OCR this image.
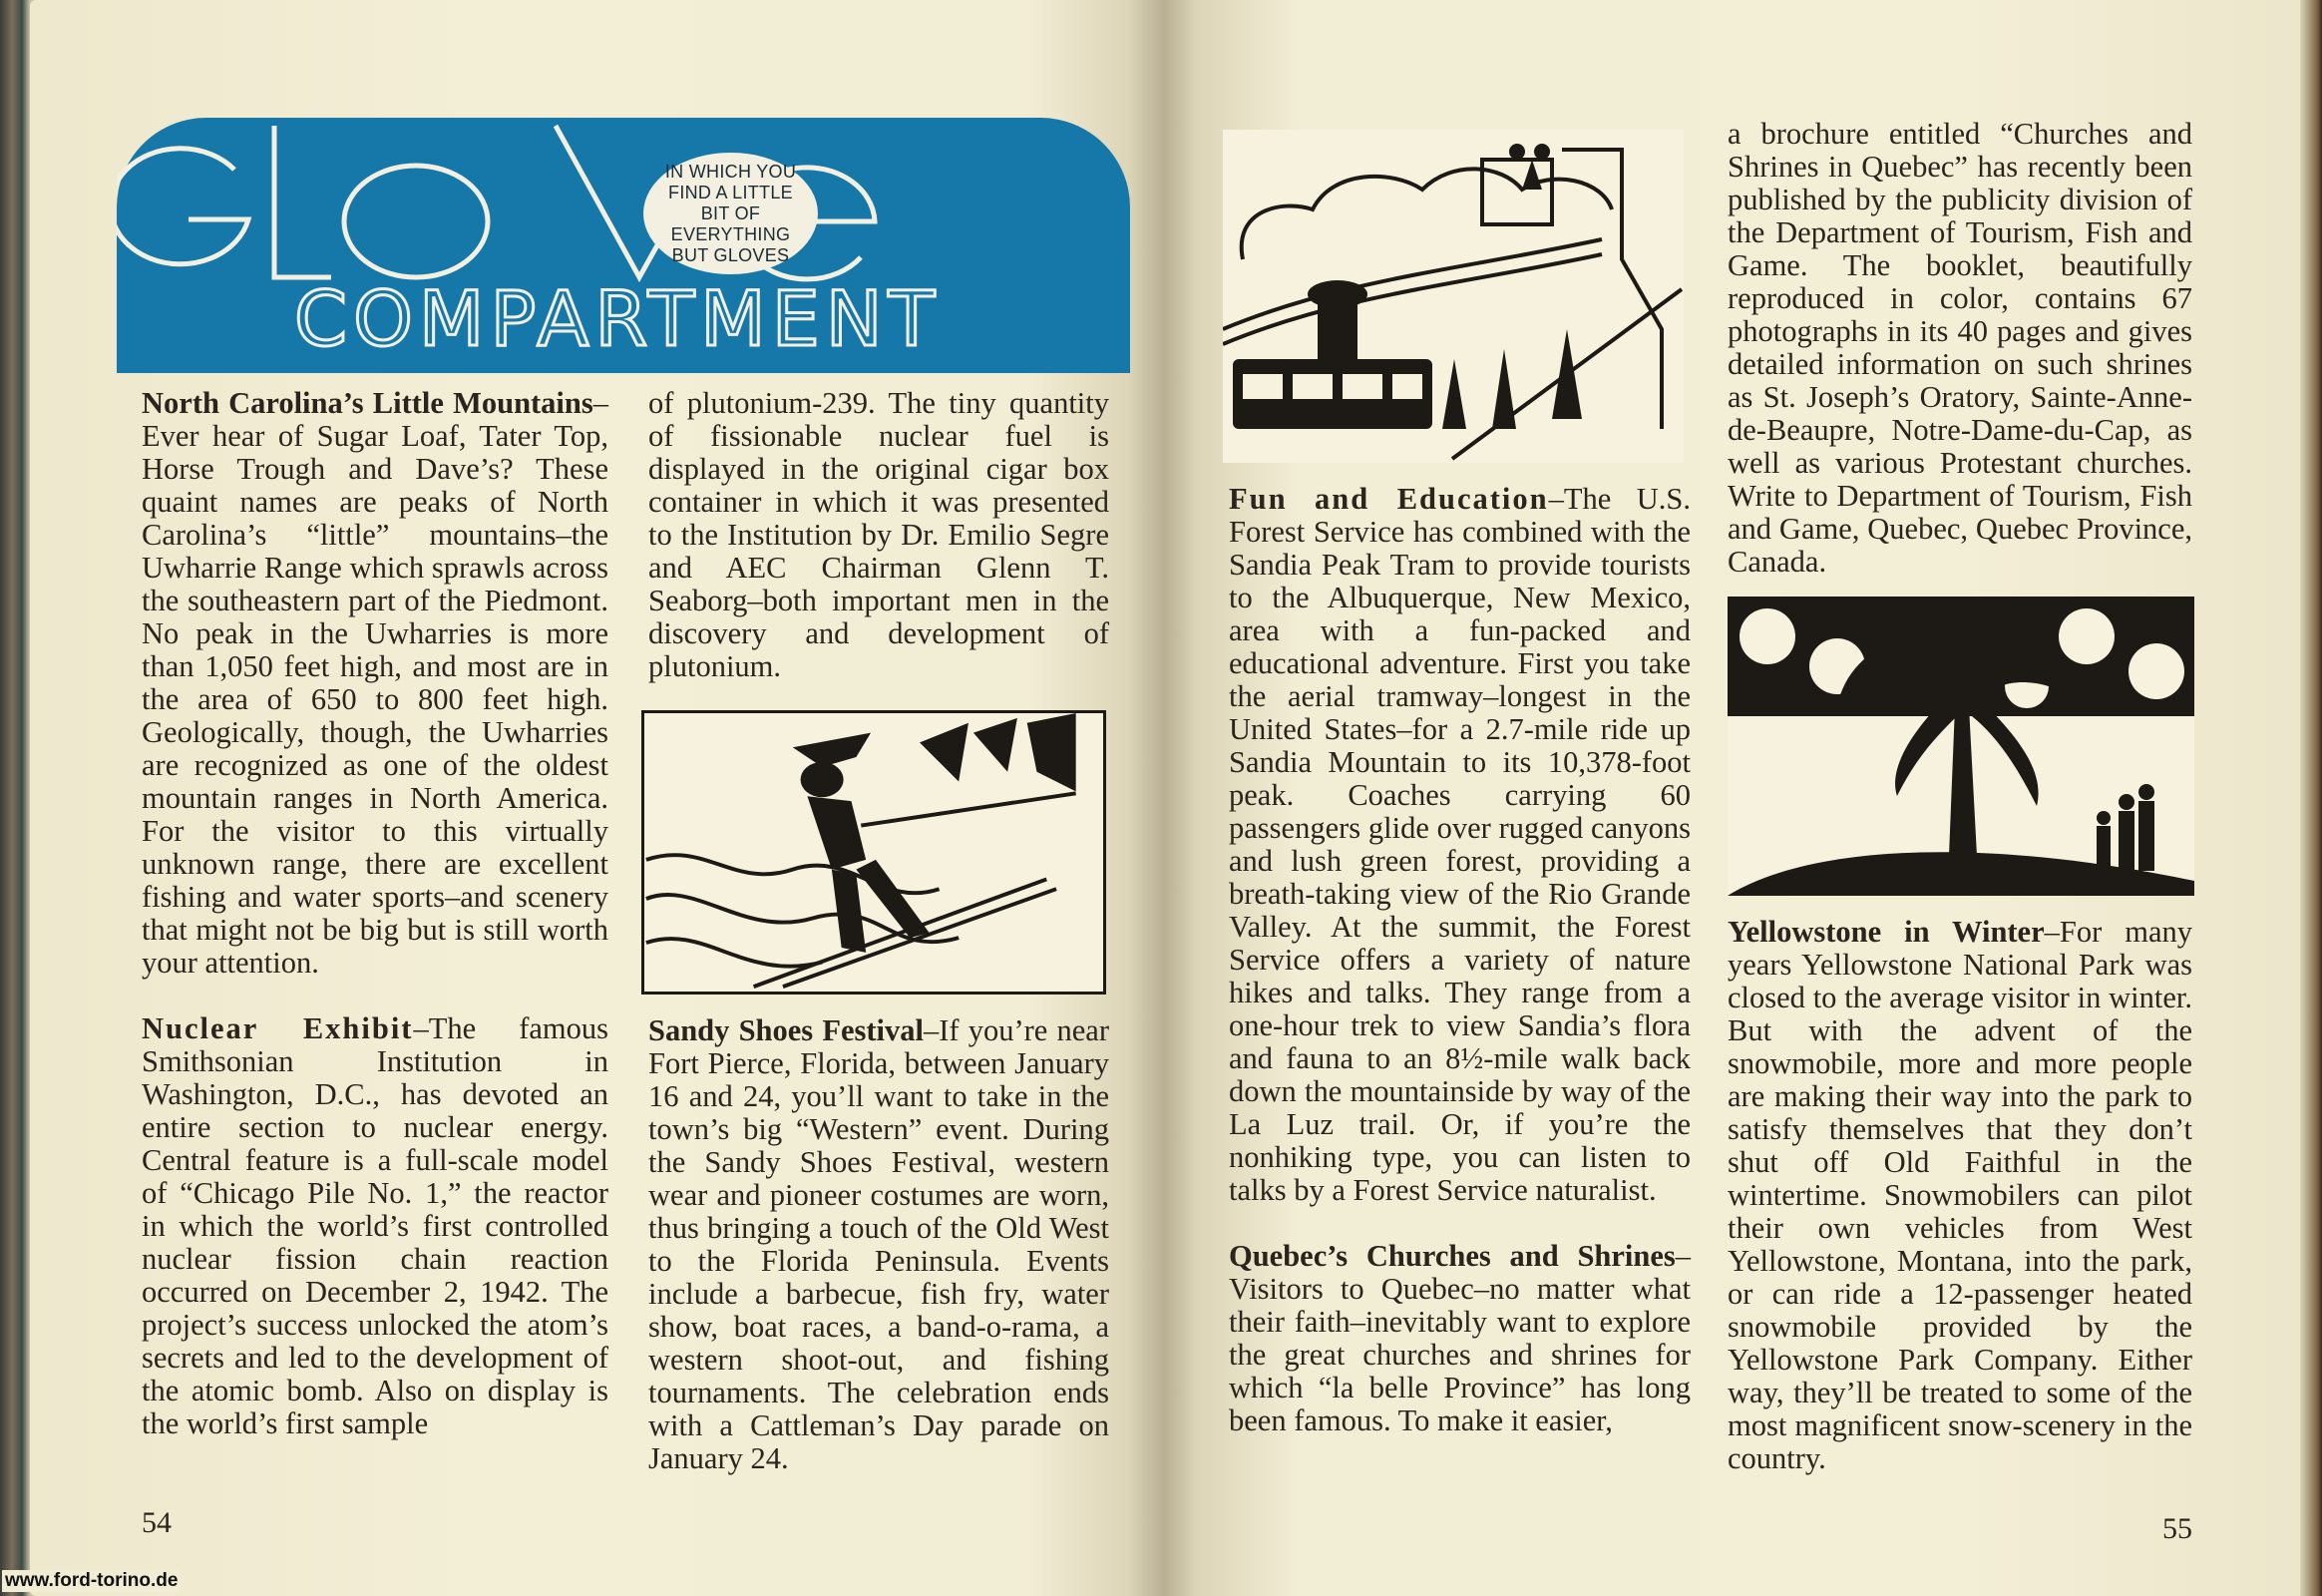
IN WHICH YOU FIND A LITTLE BIT OF EVERYTHING BUT GLOVES
COMPARTMENT

North Carolina’s Little Mountains–Ever hear of Sugar Loaf, Tater Top, Horse Trough and Dave’s? These quaint names are peaks of North Carolina’s “little” mountains–the Uwharrie Range which sprawls across the southeastern part of the Piedmont. No peak in the Uwharries is more than 1,050 feet high, and most are in the area of 650 to 800 feet high. Geologically, though, the Uwharries are recognized as one of the oldest mountain ranges in North America. For the visitor to this virtually unknown range, there are excellent fishing and water sports–and scenery that might not be big but is still worth your attention.

Nuclear Exhibit–The famous Smithsonian Institution in Washington, D.C., has devoted an entire section to nuclear energy. Central feature is a full-scale model of “Chicago Pile No. 1,” the reactor in which the world’s first controlled nuclear fission chain reaction occurred on December 2, 1942. The project’s success unlocked the atom’s secrets and led to the development of the atomic bomb. Also on display is the world’s first sample

of plutonium-239. The tiny quantity of fissionable nuclear fuel is displayed in the original cigar box container in which it was presented to the Institution by Dr. Emilio Segre and AEC Chairman Glenn T. Seaborg–both important men in the discovery and development of plutonium.

Sandy Shoes Festival–If you’re near Fort Pierce, Florida, between January 16 and 24, you’ll want to take in the town’s big “Western” event. During the Sandy Shoes Festival, western wear and pioneer costumes are worn, thus bringing a touch of the Old West to the Florida Peninsula. Events include a barbecue, fish fry, water show, boat races, a band-o-rama, a western shoot-out, and fishing tournaments. The celebration ends with a Cattleman’s Day parade on January 24.

54

Fun and Education–The U.S. Forest Service has combined with the Sandia Peak Tram to provide tourists to the Albuquerque, New Mexico, area with a fun-packed and educational adventure. First you take the aerial tramway–longest in the United States–for a 2.7-mile ride up Sandia Mountain to its 10,378-foot peak. Coaches carrying 60 passengers glide over rugged canyons and lush green forest, providing a breath-taking view of the Rio Grande Valley. At the summit, the Forest Service offers a variety of nature hikes and talks. They range from a one-hour trek to view Sandia’s flora and fauna to an 8½-mile walk back down the mountainside by way of the La Luz trail. Or, if you’re the nonhiking type, you can listen to talks by a Forest Service naturalist.

Quebec’s Churches and Shrines–Visitors to Quebec–no matter what their faith–inevitably want to explore the great churches and shrines for which “la belle Province” has long been famous. To make it easier,

a brochure entitled “Churches and Shrines in Quebec” has recently been published by the publicity division of the Department of Tourism, Fish and Game. The booklet, beautifully reproduced in color, contains 67 photographs in its 40 pages and gives detailed information on such shrines as St. Joseph’s Oratory, Sainte-Anne-de-Beaupre, Notre-Dame-du-Cap, as well as various Protestant churches. Write to Department of Tourism, Fish and Game, Quebec, Quebec Province, Canada.

Yellowstone in Winter–For many years Yellowstone National Park was closed to the average visitor in winter. But with the advent of the snowmobile, more and more people are making their way into the park to satisfy themselves that they don’t shut off Old Faithful in the wintertime. Snowmobilers can pilot their own vehicles from West Yellowstone, Montana, into the park, or can ride a 12-passenger heated snowmobile provided by the Yellowstone Park Company. Either way, they’ll be treated to some of the most magnificent snow-scenery in the country.

55
www.ford-torino.de
